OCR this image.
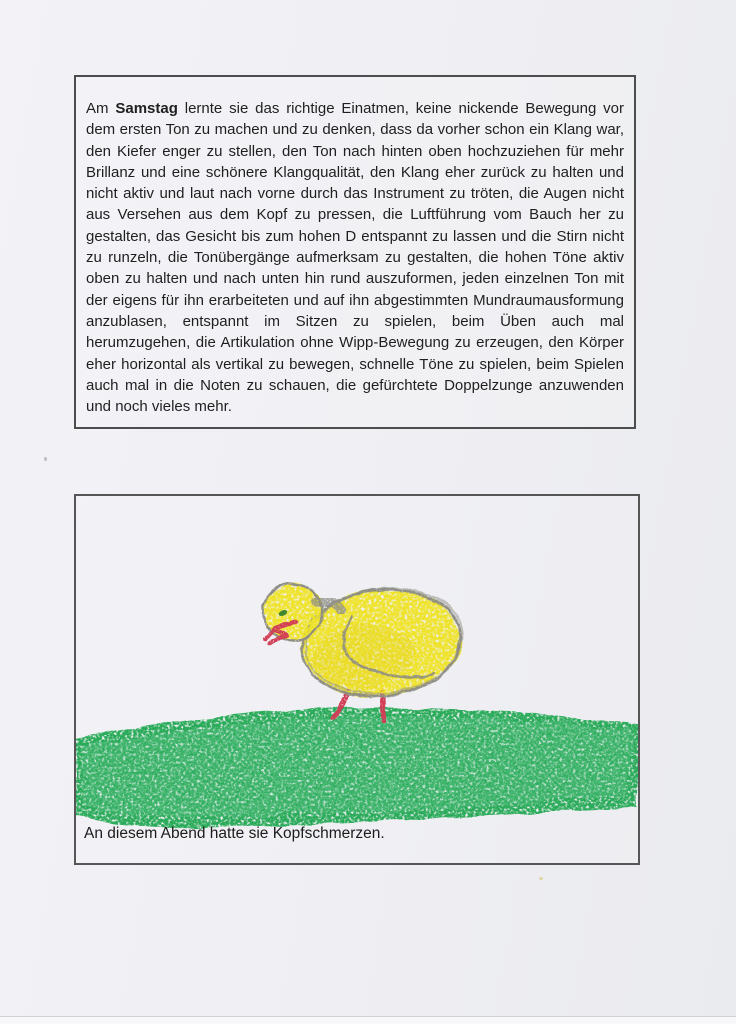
Am Samstag lernte sie das richtige Einatmen, keine nickende Bewegung vor dem ersten Ton zu machen und zu denken, dass da vorher schon ein Klang war, den Kiefer enger zu stellen, den Ton nach hinten oben hochzuziehen für mehr Brillanz und eine schönere Klangqualität, den Klang eher zurück zu halten und nicht aktiv und laut nach vorne durch das Instrument zu tröten, die Augen nicht aus Versehen aus dem Kopf zu pressen, die Luftführung vom Bauch her zu gestalten, das Gesicht bis zum hohen D entspannt zu lassen und die Stirn nicht zu runzeln, die Tonübergänge aufmerksam zu gestalten, die hohen Töne aktiv oben zu halten und nach unten hin rund auszuformen, jeden einzelnen Ton mit der eigens für ihn erarbeiteten und auf ihn abgestimmten Mundraumausformung anzublasen, entspannt im Sitzen zu spielen, beim Üben auch mal herumzugehen, die Artikulation ohne Wipp-Bewegung zu erzeugen, den Körper eher horizontal als vertikal zu bewegen, schnelle Töne zu spielen, beim Spielen auch mal in die Noten zu schauen, die gefürchtete Doppelzunge anzuwenden und noch vieles mehr.

An diesem Abend hatte sie Kopfschmerzen.
